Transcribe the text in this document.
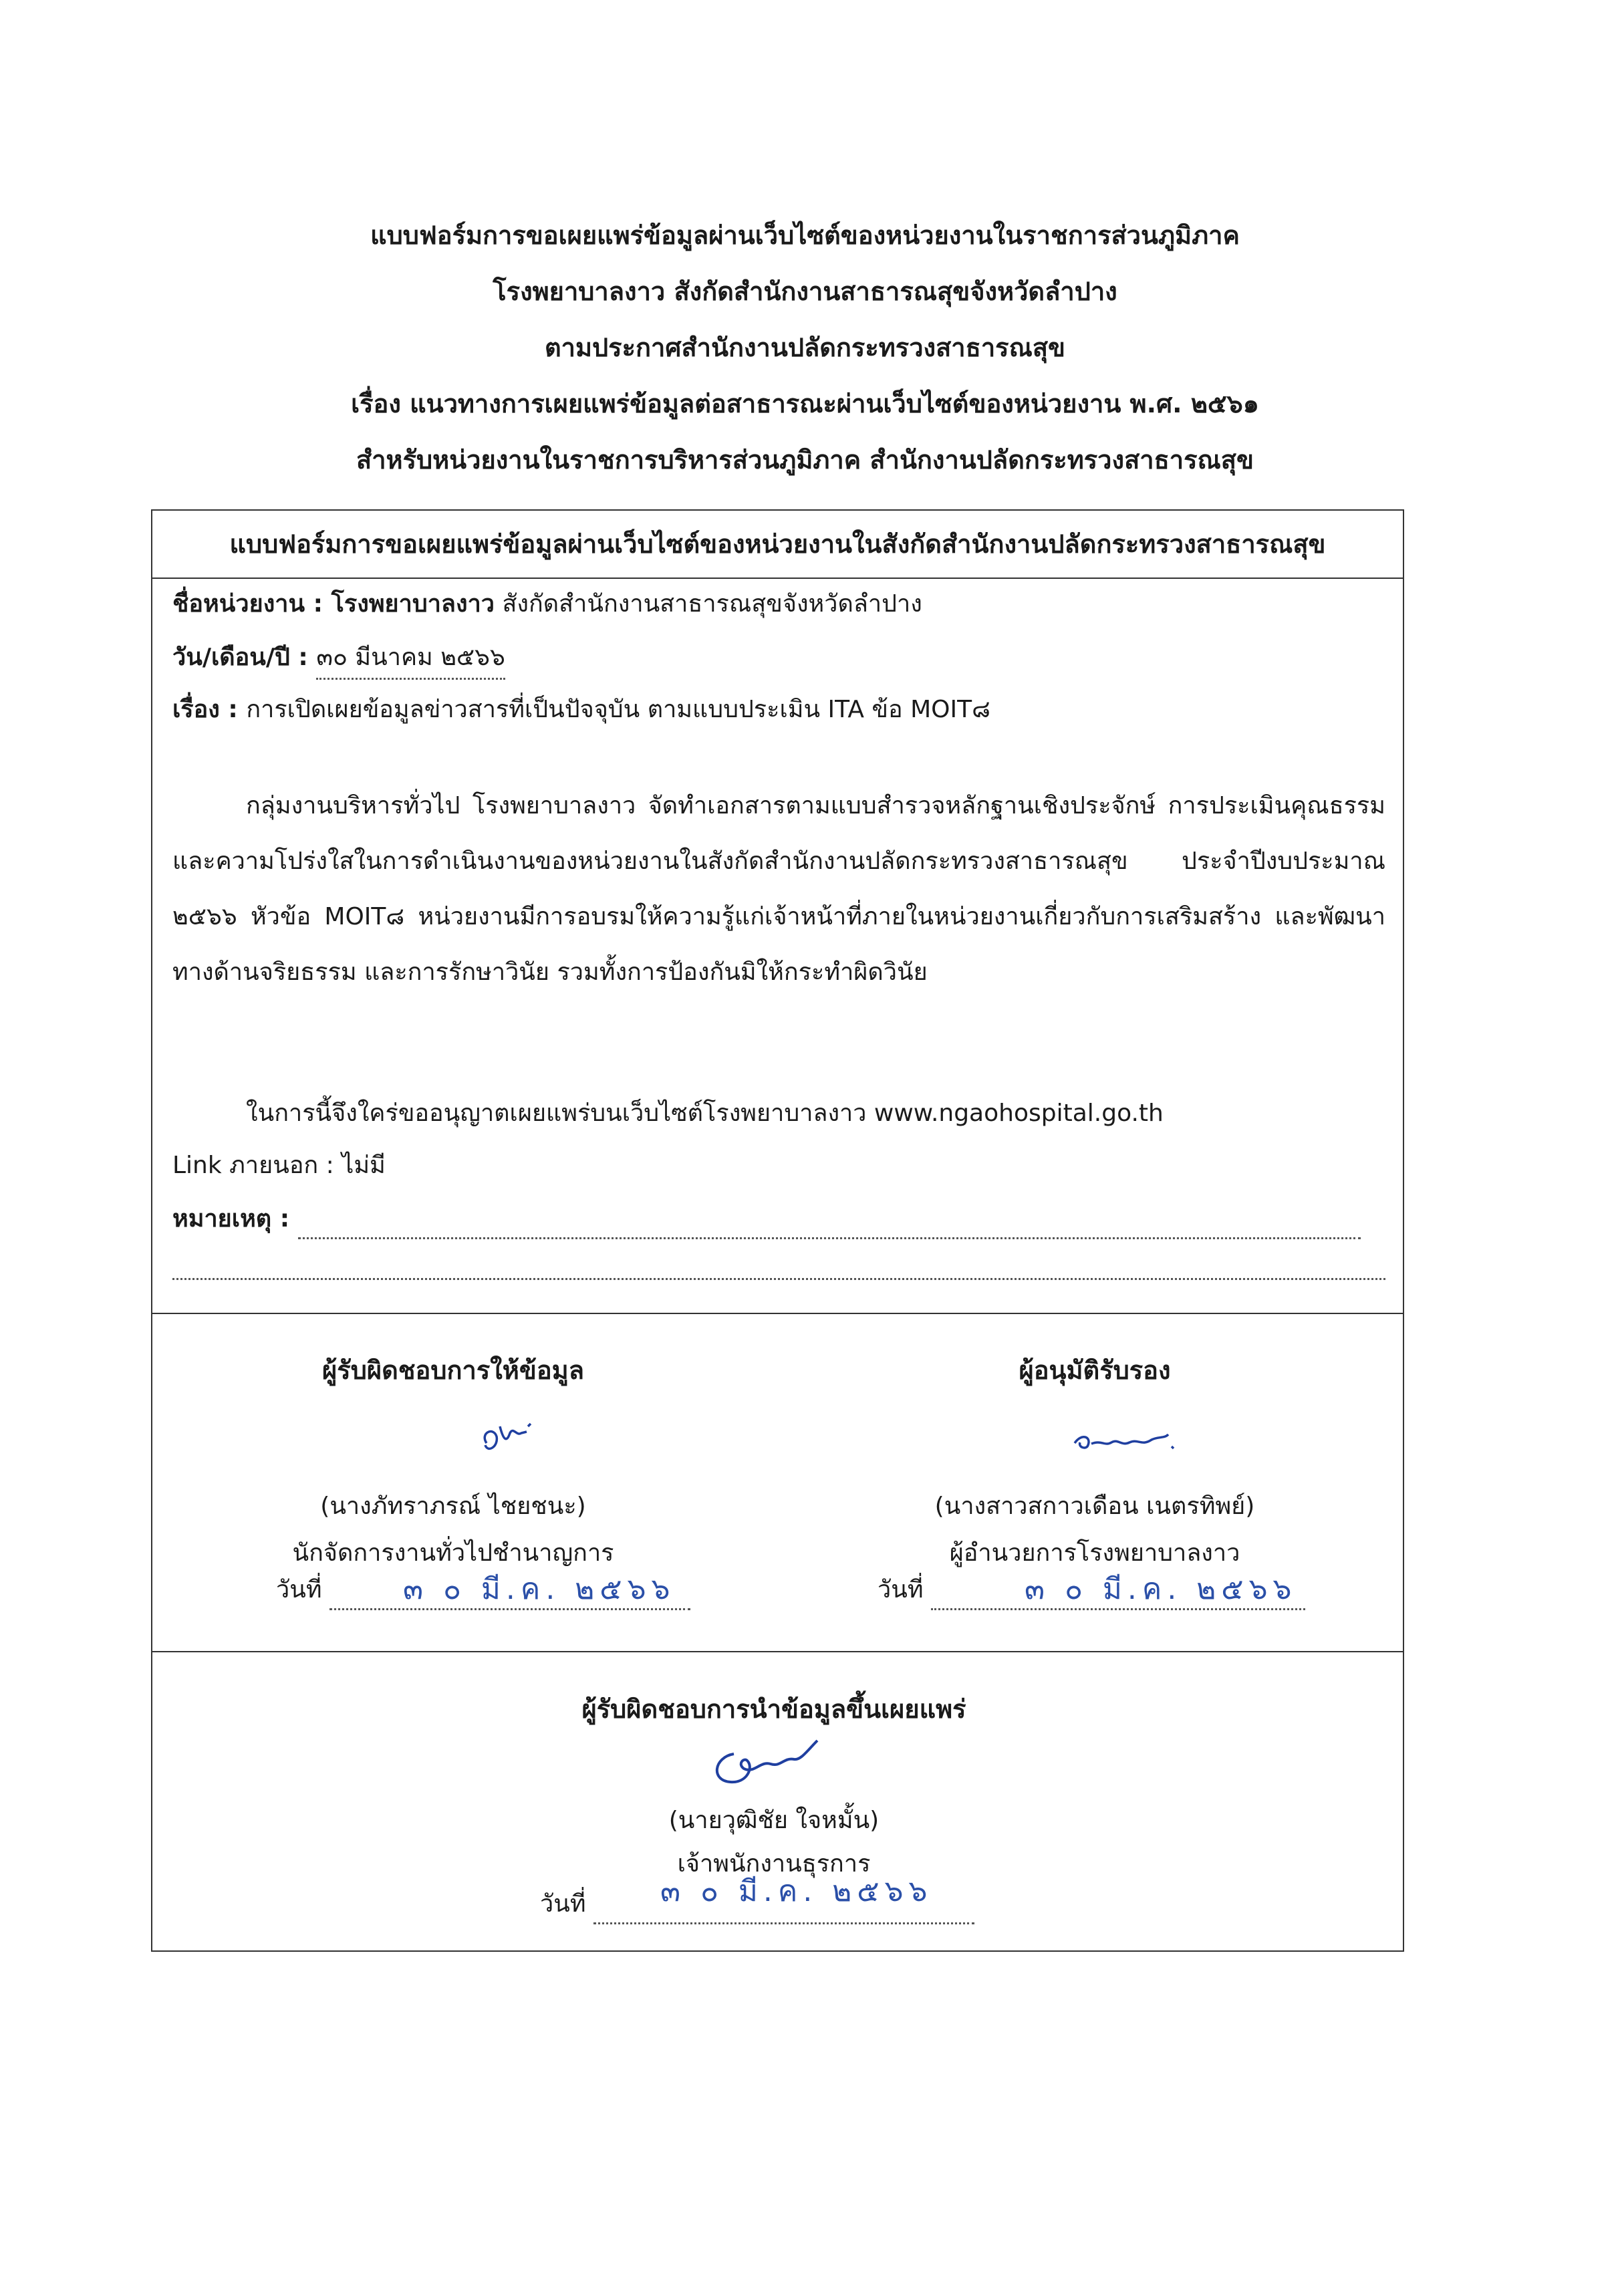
แบบฟอร์มการขอเผยแพร่ข้อมูลผ่านเว็บไซต์ของหน่วยงานในราชการส่วนภูมิภาค
โรงพยาบาลงาว สังกัดสำนักงานสาธารณสุขจังหวัดลำปาง
ตามประกาศสำนักงานปลัดกระทรวงสาธารณสุข
เรื่อง แนวทางการเผยแพร่ข้อมูลต่อสาธารณะผ่านเว็บไซต์ของหน่วยงาน พ.ศ. ๒๕๖๑
สำหรับหน่วยงานในราชการบริหารส่วนภูมิภาค สำนักงานปลัดกระทรวงสาธารณสุข
แบบฟอร์มการขอเผยแพร่ข้อมูลผ่านเว็บไซต์ของหน่วยงานในสังกัดสำนักงานปลัดกระทรวงสาธารณสุข
ชื่อหน่วยงาน : โรงพยาบาลงาว สังกัดสำนักงานสาธารณสุขจังหวัดลำปาง
วัน/เดือน/ปี : ๓๐ มีนาคม ๒๕๖๖
เรื่อง : การเปิดเผยข้อมูลข่าวสารที่เป็นปัจจุบัน ตามแบบประเมิน ITA ข้อ MOIT๘
กลุ่มงานบริหารทั่วไป โรงพยาบาลงาว จัดทำเอกสารตามแบบสำรวจหลักฐานเชิงประจักษ์ การประเมินคุณธรรมและความโปร่งใสในการดำเนินงานของหน่วยงานในสังกัดสำนักงานปลัดกระทรวงสาธารณสุข ประจำปีงบประมาณ ๒๕๖๖ หัวข้อ MOIT๘ หน่วยงานมีการอบรมให้ความรู้แก่เจ้าหน้าที่ภายในหน่วยงานเกี่ยวกับการเสริมสร้าง และพัฒนาทางด้านจริยธรรม และการรักษาวินัย รวมทั้งการป้องกันมิให้กระทำผิดวินัย
ในการนี้จึงใคร่ขออนุญาตเผยแพร่บนเว็บไซต์โรงพยาบาลงาว www.ngaohospital.go.th
Link ภายนอก : ไม่มี
หมายเหตุ :
ผู้รับผิดชอบการให้ข้อมูล
(นางภัทราภรณ์ ไชยชนะ)
นักจัดการงานทั่วไปชำนาญการ
วันที่	๓ ๐ มี.ค. ๒๕๖๖
ผู้อนุมัติรับรอง
(นางสาวสกาวเดือน เนตรทิพย์)
ผู้อำนวยการโรงพยาบาลงาว
วันที่	๓ ๐ มี.ค. ๒๕๖๖
ผู้รับผิดชอบการนำข้อมูลขึ้นเผยแพร่
(นายวุฒิชัย ใจหมั้น)
เจ้าพนักงานธุรการ
วันที่	๓ ๐ มี.ค. ๒๕๖๖
